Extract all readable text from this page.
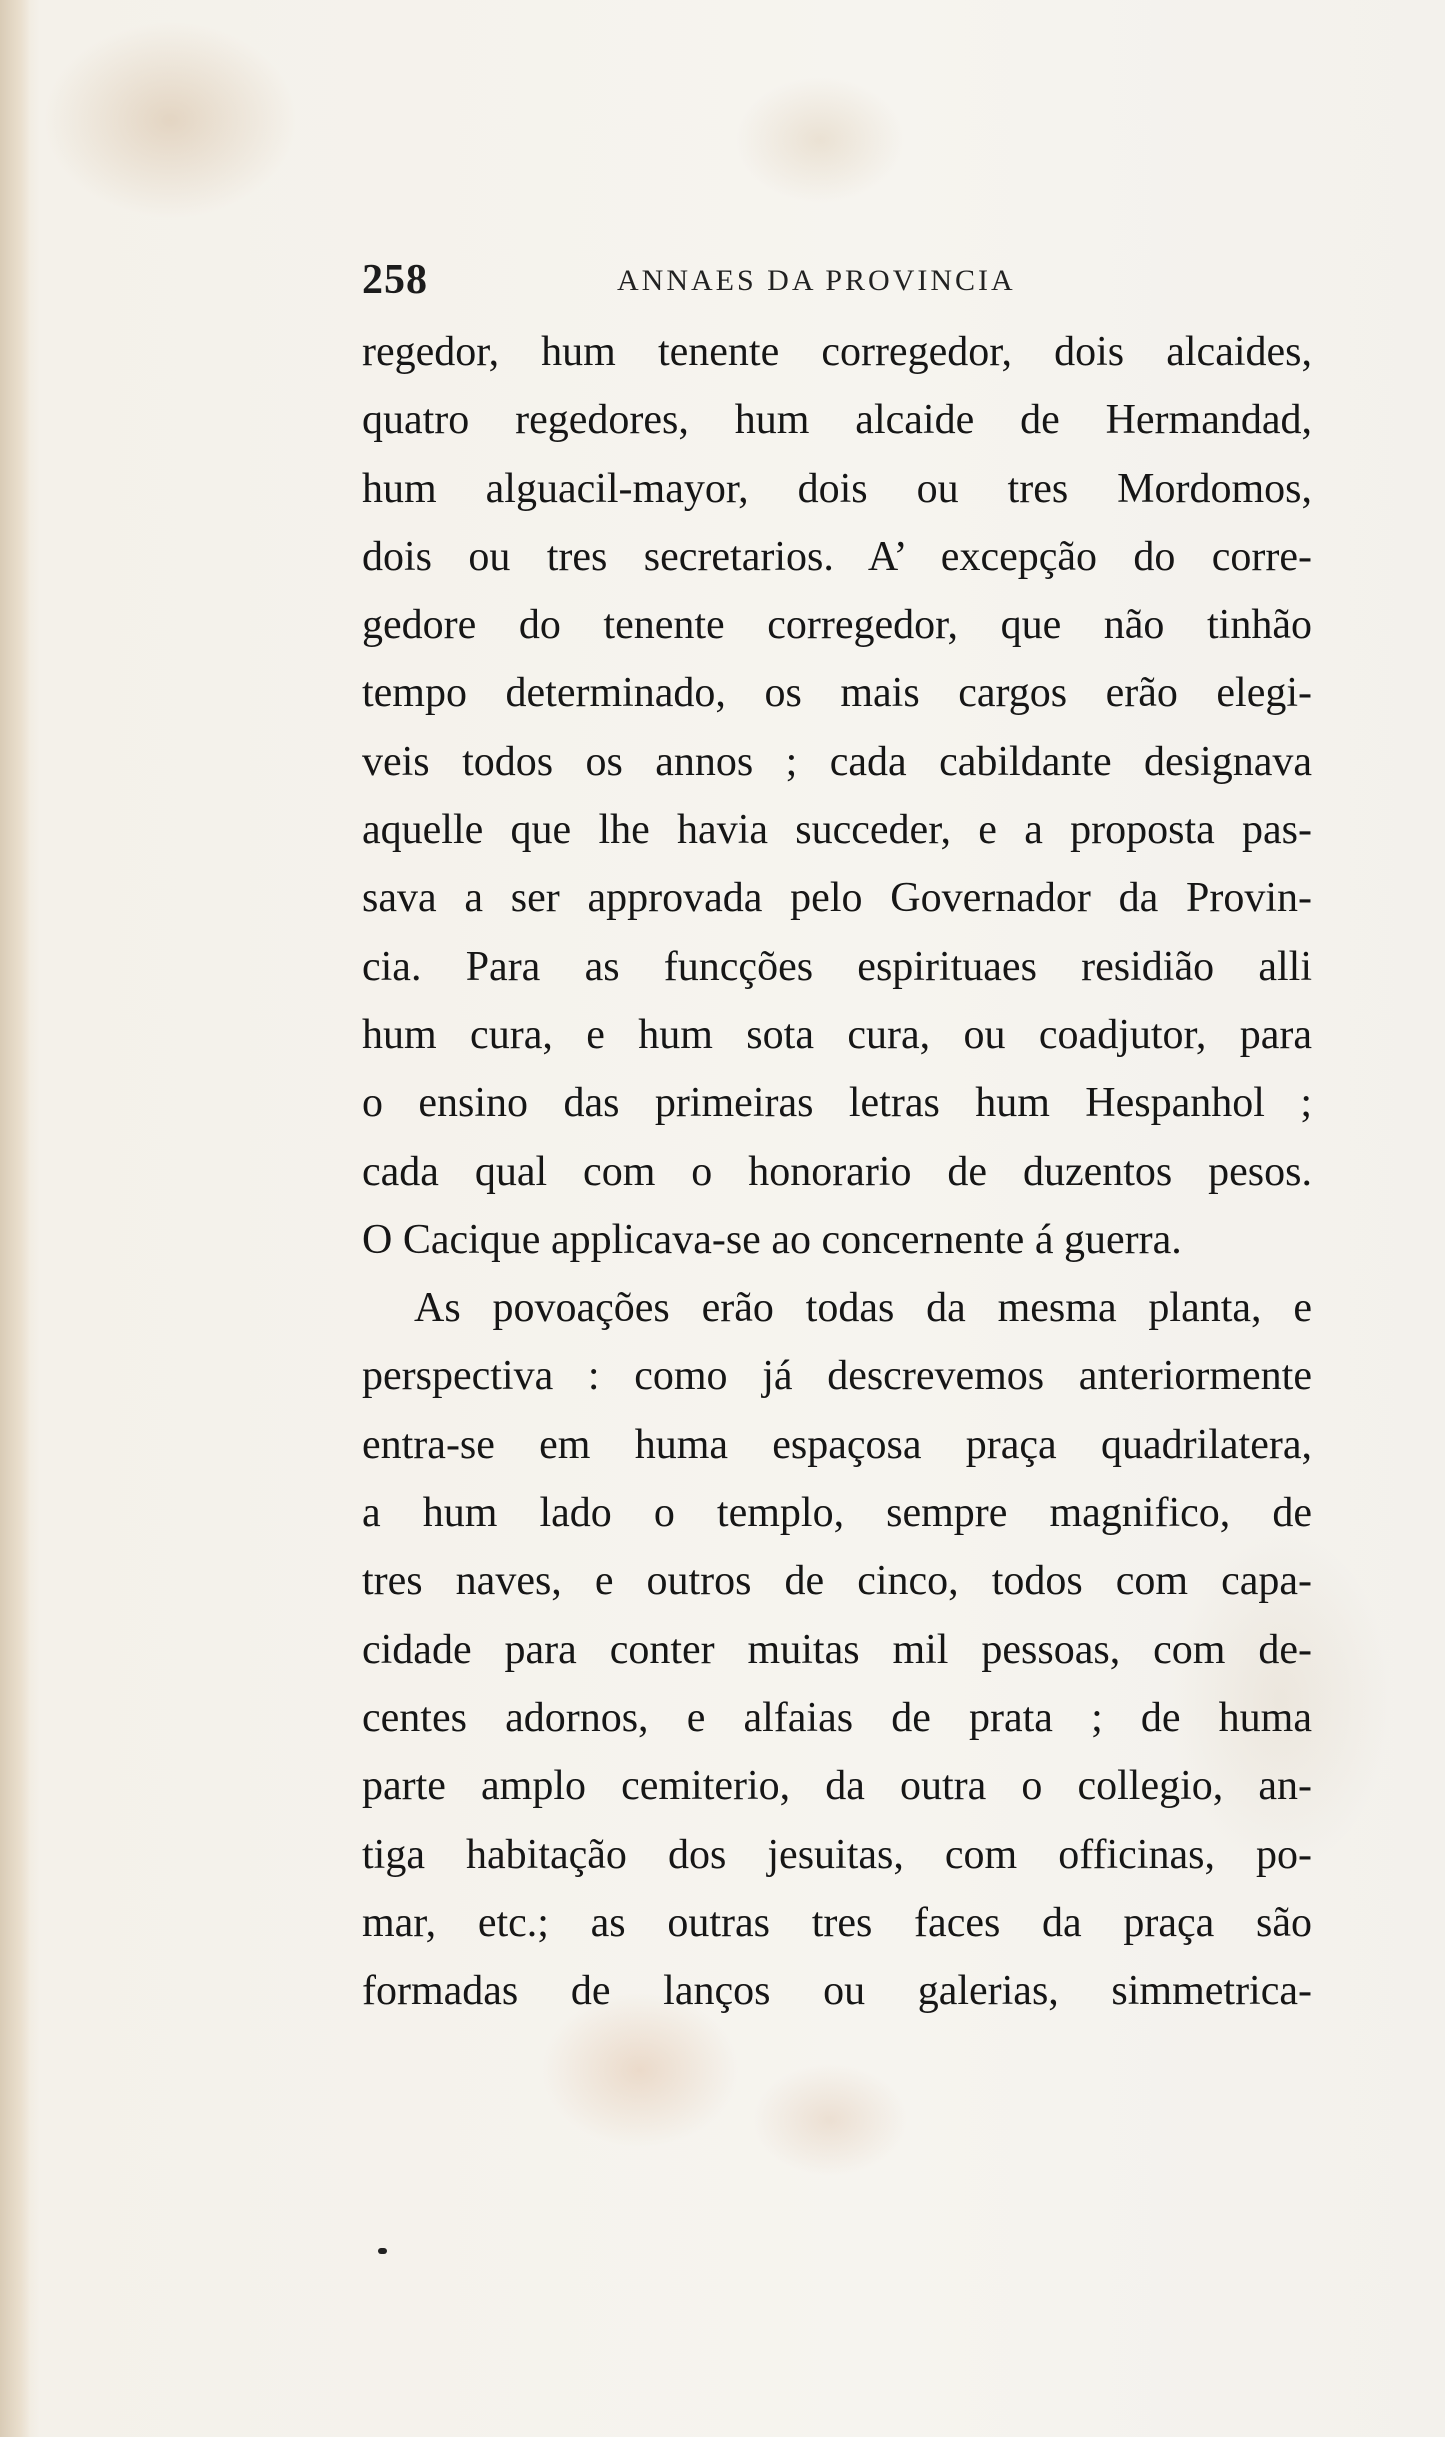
258	ANNAES DA PROVINCIA
regedor, hum tenente corregedor, dois alcaides,
quatro regedores, hum alcaide de Hermandad,
hum alguacil-mayor, dois ou tres Mordomos,
dois ou tres secretarios. A’ excepção do corre-
gedore do tenente corregedor, que não tinhão
tempo determinado, os mais cargos erão elegi-
veis todos os annos ; cada cabildante designava
aquelle que lhe havia succeder, e a proposta pas-
sava a ser approvada pelo Governador da Provin-
cia. Para as funcções espirituaes residião alli
hum cura, e hum sota cura, ou coadjutor, para
o ensino das primeiras letras hum Hespanhol ;
cada qual com o honorario de duzentos pesos.
O Cacique applicava-se ao concernente á guerra.
As povoações erão todas da mesma planta, e
perspectiva : como já descrevemos anteriormente
entra-se em huma espaçosa praça quadrilatera,
a hum lado o templo, sempre magnifico, de
tres naves, e outros de cinco, todos com capa-
cidade para conter muitas mil pessoas, com de-
centes adornos, e alfaias de prata ; de huma
parte amplo cemiterio, da outra o collegio, an-
tiga habitação dos jesuitas, com officinas, po-
mar, etc.; as outras tres faces da praça são
formadas de lanços ou galerias, simmetrica-
